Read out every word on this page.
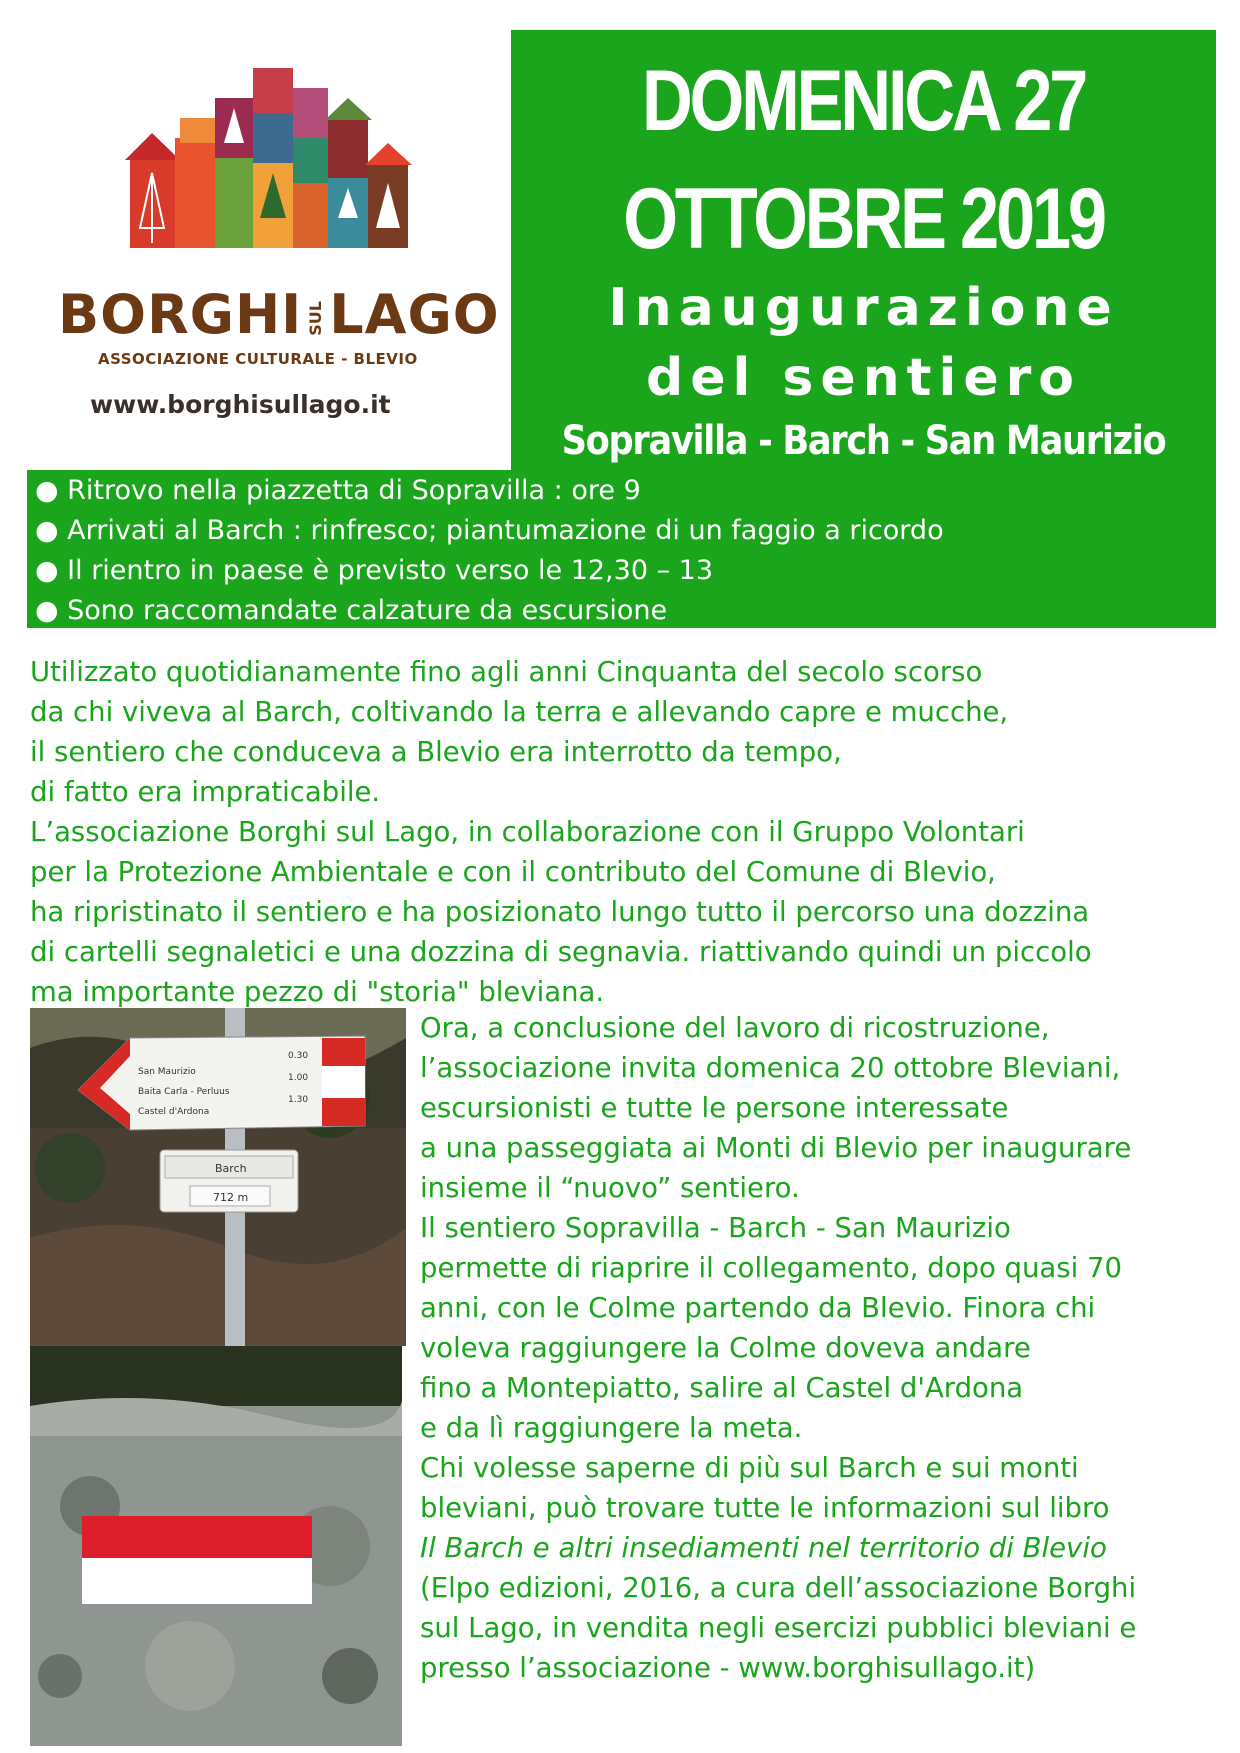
BORGHI SULLAGO
ASSOCIAZIONE CULTURALE - BLEVIO
www.borghisullago.it
DOMENICA 27
OTTOBRE 2019
Inaugurazione
del sentiero
Sopravilla - Barch - San Maurizio
● Ritrovo nella piazzetta di Sopravilla : ore 9
● Arrivati al Barch : rinfresco; piantumazione di un faggio a ricordo
● Il rientro in paese è previsto verso le 12,30 – 13
● Sono raccomandate calzature da escursione
Utilizzato quotidianamente fino agli anni Cinquanta del secolo scorso
da chi viveva al Barch, coltivando la terra e allevando capre e mucche,
il sentiero che conduceva a Blevio era interrotto da tempo,
di fatto era impraticabile.
L’associazione Borghi sul Lago, in collaborazione con il Gruppo Volontari
per la Protezione Ambientale e con il contributo del Comune di Blevio,
ha ripristinato il sentiero e ha posizionato lungo tutto il percorso una dozzina
di cartelli segnaletici e una dozzina di segnavia. riattivando quindi un piccolo
ma importante pezzo di "storia" bleviana.
San Maurizio
0.30
Baita Carla - Perluus
1.00
Castel d'Ardona
1.30
Barch
712 m
Ora, a conclusione del lavoro di ricostruzione,
l’associazione invita domenica 20 ottobre Bleviani,
escursionisti e tutte le persone interessate
a una passeggiata ai Monti di Blevio per inaugurare
insieme il “nuovo” sentiero.
Il sentiero Sopravilla - Barch - San Maurizio
permette di riaprire il collegamento, dopo quasi 70
anni, con le Colme partendo da Blevio. Finora chi
voleva raggiungere la Colme doveva andare
fino a Montepiatto, salire al Castel d'Ardona
e da lì raggiungere la meta.
Chi volesse saperne di più sul Barch e sui monti
bleviani, può trovare tutte le informazioni sul libro
Il Barch e altri insediamenti nel territorio di Blevio
(Elpo edizioni, 2016, a cura dell’associazione Borghi
sul Lago, in vendita negli esercizi pubblici bleviani e
presso l’associazione - www.borghisullago.it)
